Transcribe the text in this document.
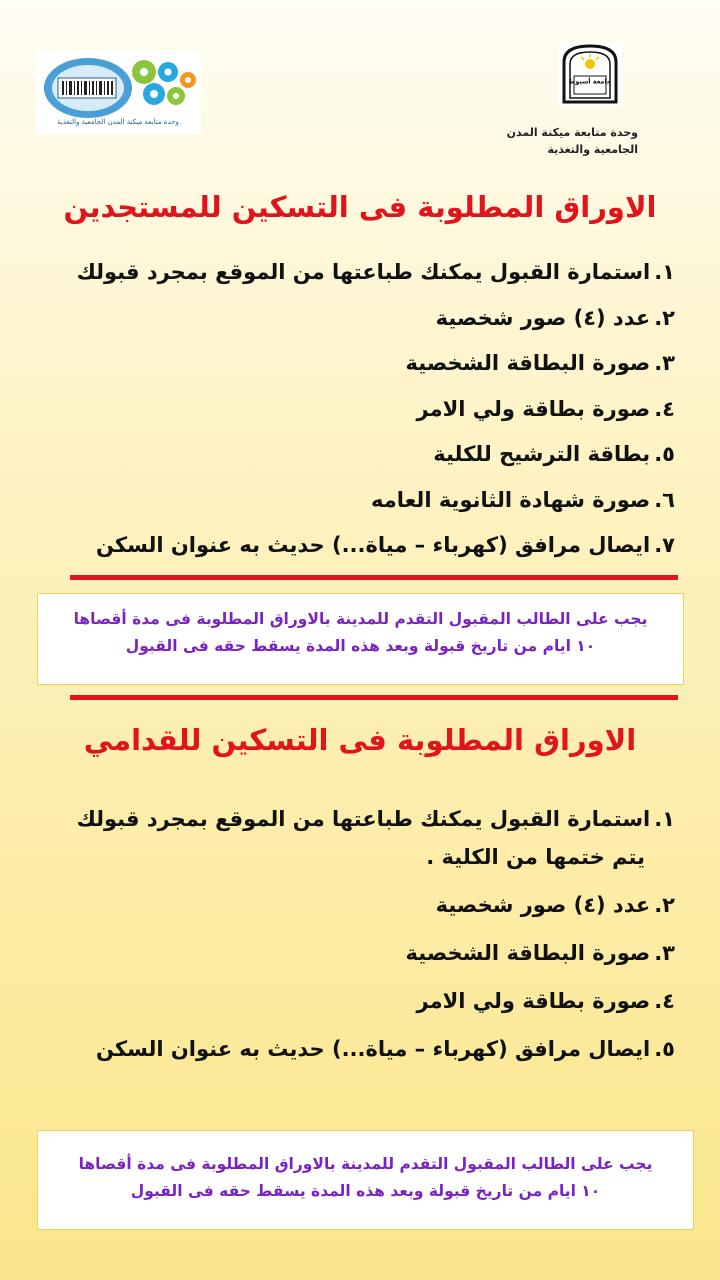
وحدة متابعة ميكنة المدن الجامعية والتغذية
جامعة أسيوط
وحدة متابعة ميكنة المدن
الجامعية والتغذية
الاوراق المطلوبة فى التسكين للمستجدين
١.استمارة القبول يمكنك طباعتها من الموقع بمجرد قبولك
٢.عدد (٤) صور شخصية
٣.صورة البطاقة الشخصية
٤.صورة بطاقة ولي الامر
٥.بطاقة الترشيح للكلية
٦.صورة شهادة الثانوية العامه
٧.ايصال مرافق (كهرباء – مياة...) حديث به عنوان السكن
يجب على الطالب المقبول التقدم للمدينة بالاوراق المطلوبة فى مدة أقصاها
١٠ ايام من تاريخ قبولة وبعد هذه المدة يسقط حقه فى القبول
الاوراق المطلوبة فى التسكين للقدامي
١.استمارة القبول يمكنك طباعتها من الموقع بمجرد قبولك
يتم ختمها من الكلية .
٢.عدد (٤) صور شخصية
٣.صورة البطاقة الشخصية
٤.صورة بطاقة ولي الامر
٥.ايصال مرافق (كهرباء – مياة...) حديث به عنوان السكن
يجب على الطالب المقبول التقدم للمدينة بالاوراق المطلوبة فى مدة أقصاها
١٠ ايام من تاريخ قبولة وبعد هذه المدة يسقط حقه فى القبول
